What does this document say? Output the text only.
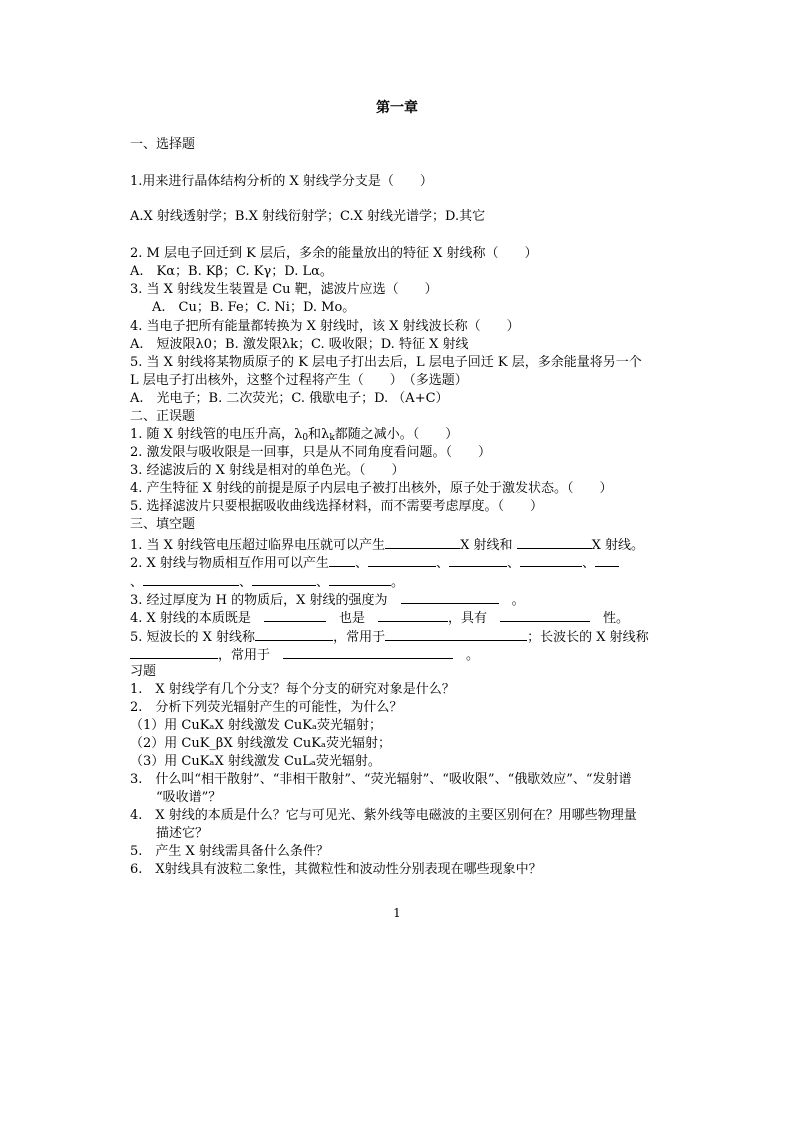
第一章
一、选择题
1.用来进行晶体结构分析的 X 射线学分支是（　　）
A.X 射线透射学；B.X 射线衍射学；C.X 射线光谱学；D.其它
2. M 层电子回迁到 K 层后，多余的能量放出的特征 X 射线称（　　）
A.　Kα；B. Kβ；C. Kγ；D. Lα。
3. 当 X 射线发生装置是 Cu 靶，滤波片应选（　　）
A.　Cu；B. Fe；C. Ni；D. Mo。
4. 当电子把所有能量都转换为 X 射线时，该 X 射线波长称（　　）
A.　短波限λ0；B. 激发限λk；C. 吸收限；D. 特征 X 射线
5. 当 X 射线将某物质原子的 K 层电子打出去后，L 层电子回迁 K 层，多余能量将另一个
L 层电子打出核外，这整个过程将产生（　　）　（多选题）
A.　光电子；B. 二次荧光；C. 俄歇电子；D. （A+C）
二、正误题
1. 随 X 射线管的电压升高，$\lambda_0$和$\lambda_k$都随之减小。（　　）
2. 激发限与吸收限是一回事，只是从不同角度看问题。（　　）
3. 经滤波后的 X 射线是相对的单色光。（　　）
4. 产生特征 X 射线的前提是原子内层电子被打出核外，原子处于激发状态。（　　）
5. 选择滤波片只要根据吸收曲线选择材料，而不需要考虑厚度。（　　）
三、填空题
1. 当 X 射线管电压超过临界电压就可以产生	X 射线和	X 射线。
2. X 射线与物质相互作用可以产生 、	、	、	、
、	、	、	。
3. 经过厚度为 H 的物质后，X 射线的强度为　　	。
4. X 射线的本质既是　　	也是　	，具有　　	性。
5. 短波长的 X 射线称	，常用于	；长波长的 X 射线称
，常用于　　	。
习题
1.　X 射线学有几个分支？每个分支的研究对象是什么？
2.　分析下列荧光辐射产生的可能性，为什么？
（1）用 CuKₐX 射线激发 CuKₐ荧光辐射；
（2）用 CuK_βX 射线激发 CuKₐ荧光辐射；
（3）用 CuKₐX 射线激发 CuLₐ荧光辐射。
3.　什么叫“相干散射”、“非相干散射”、“荧光辐射”、“吸收限”、“俄歇效应”、“发射谱
“吸收谱”？
4.　X 射线的本质是什么？它与可见光、紫外线等电磁波的主要区别何在？用哪些物理量
描述它？
5.　产生 X 射线需具备什么条件？
6.　Χ射线具有波粒二象性，其微粒性和波动性分别表现在哪些现象中？
1
